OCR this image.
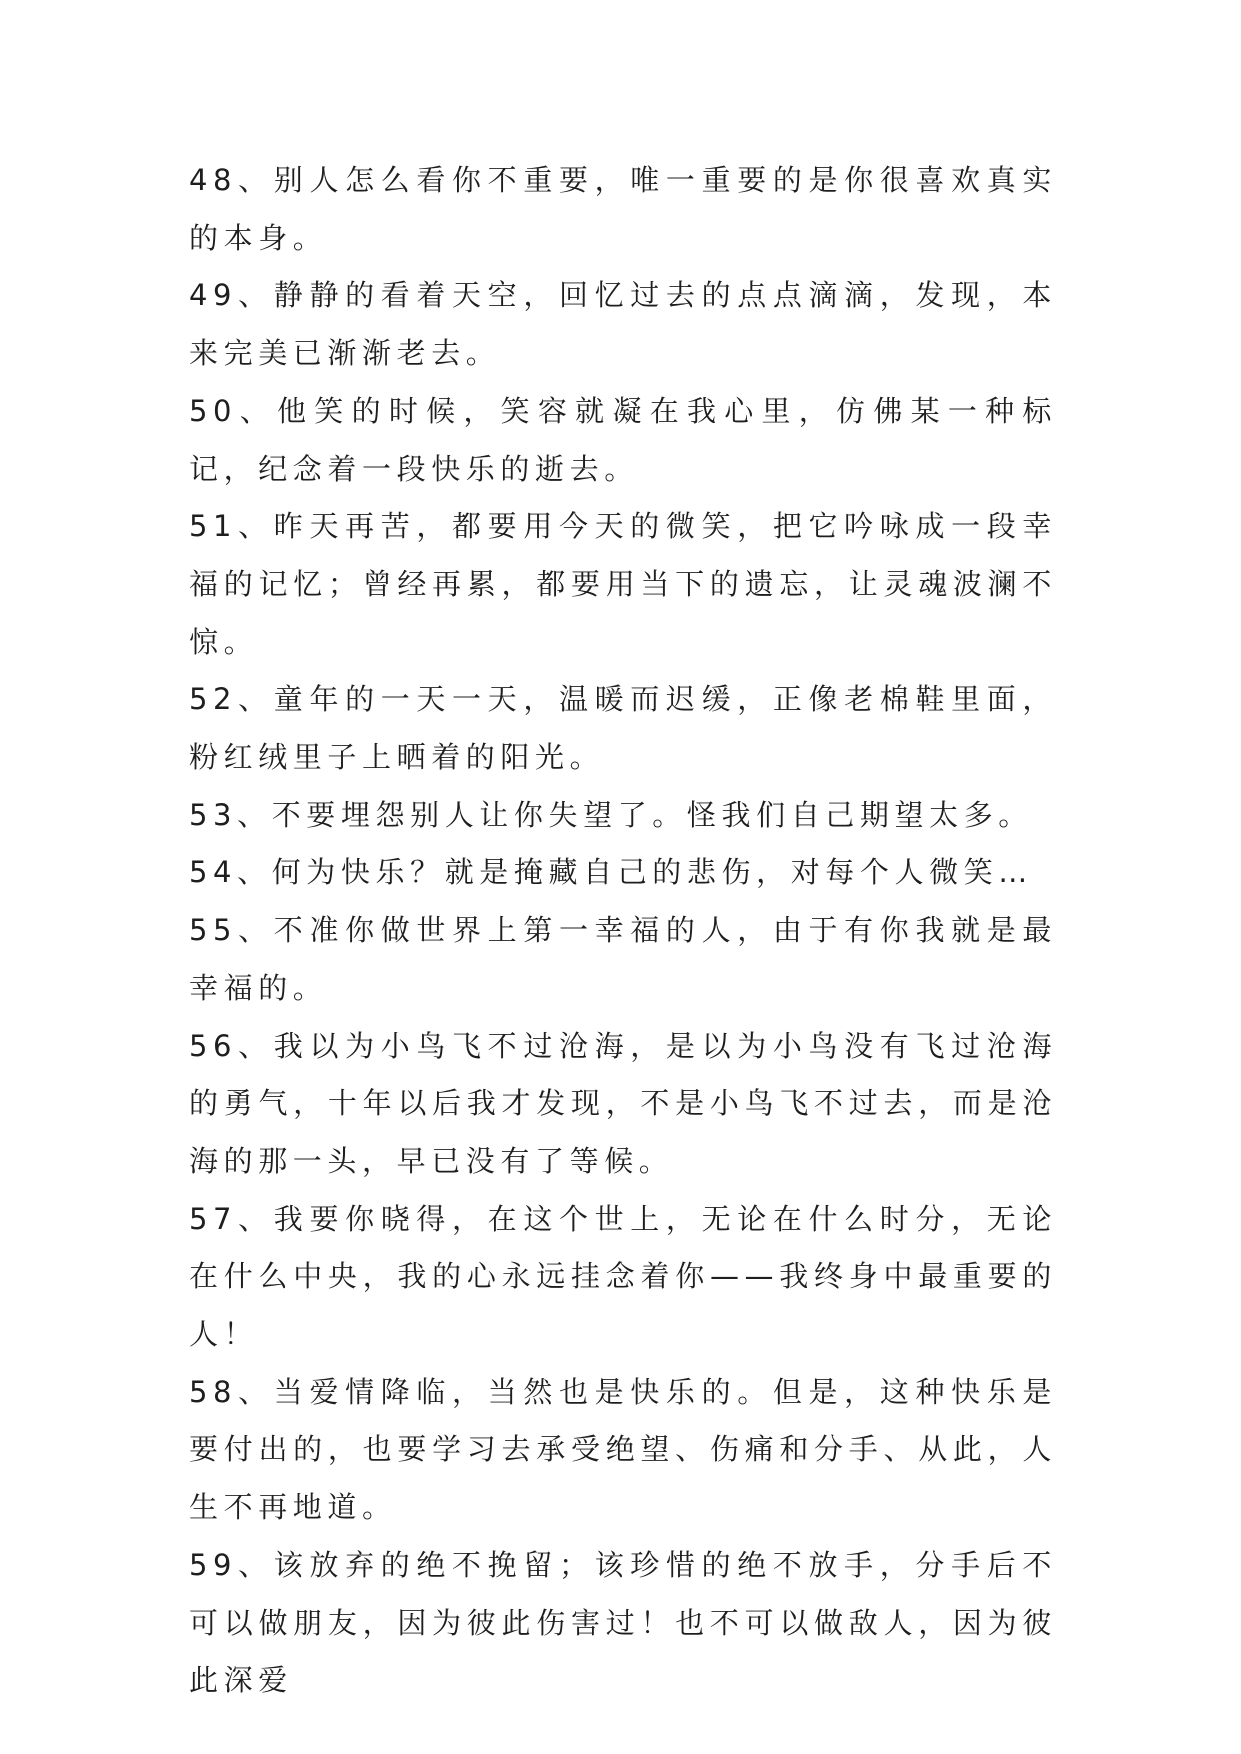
48、别人怎么看你不重要，唯一重要的是你很喜欢真实的本身。

49、静静的看着天空，回忆过去的点点滴滴，发现，本来完美已渐渐老去。

50、他笑的时候，笑容就凝在我心里，仿佛某一种标记，纪念着一段快乐的逝去。

51、昨天再苦，都要用今天的微笑，把它吟咏成一段幸福的记忆；曾经再累，都要用当下的遗忘，让灵魂波澜不惊。

52、童年的一天一天，温暖而迟缓，正像老棉鞋里面，粉红绒里子上晒着的阳光。

53、不要埋怨别人让你失望了。怪我们自己期望太多。

54、何为快乐？就是掩藏自己的悲伤，对每个人微笑…

55、不准你做世界上第一幸福的人，由于有你我就是最幸福的。

56、我以为小鸟飞不过沧海，是以为小鸟没有飞过沧海的勇气，十年以后我才发现，不是小鸟飞不过去，而是沧海的那一头，早已没有了等候。

57、我要你晓得，在这个世上，无论在什么时分，无论在什么中央，我的心永远挂念着你——我终身中最重要的人！

58、当爱情降临，当然也是快乐的。但是，这种快乐是要付出的，也要学习去承受绝望、伤痛和分手、从此，人生不再地道。

59、该放弃的绝不挽留；该珍惜的绝不放手，分手后不可以做朋友，因为彼此伤害过！也不可以做敌人，因为彼此深爱
